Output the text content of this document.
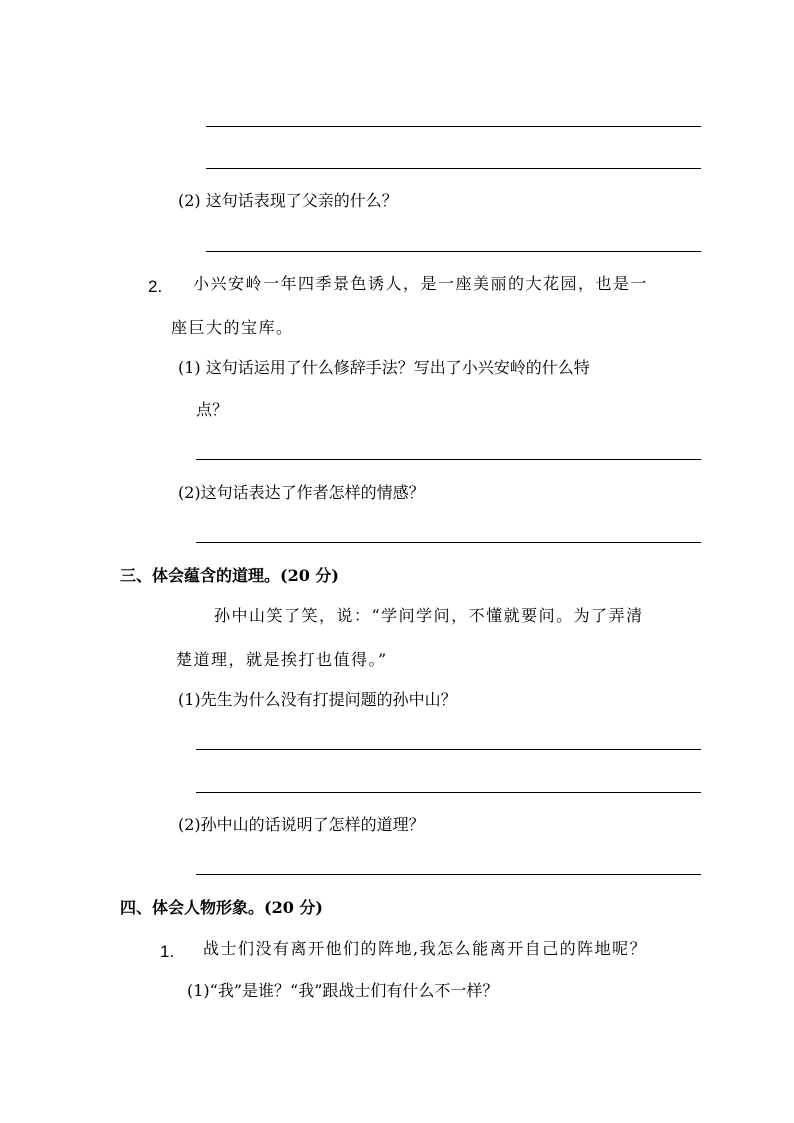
(2) 这句话表现了父亲的什么？
2. 小兴安岭一年四季景色诱人，是一座美丽的大花园，也是一
座巨大的宝库。
(1) 这句话运用了什么修辞手法？写出了小兴安岭的什么特
点？
(2)这句话表达了作者怎样的情感？
三、体会蕴含的道理。(20 分)
孙中山笑了笑，说：“学问学问，不懂就要问。为了弄清
楚道理，就是挨打也值得。”
(1)先生为什么没有打提问题的孙中山？
(2)孙中山的话说明了怎样的道理？
四、体会人物形象。(20 分)
1. 战士们没有离开他们的阵地,我怎么能离开自己的阵地呢？
(1)“我”是谁？“我”跟战士们有什么不一样？
